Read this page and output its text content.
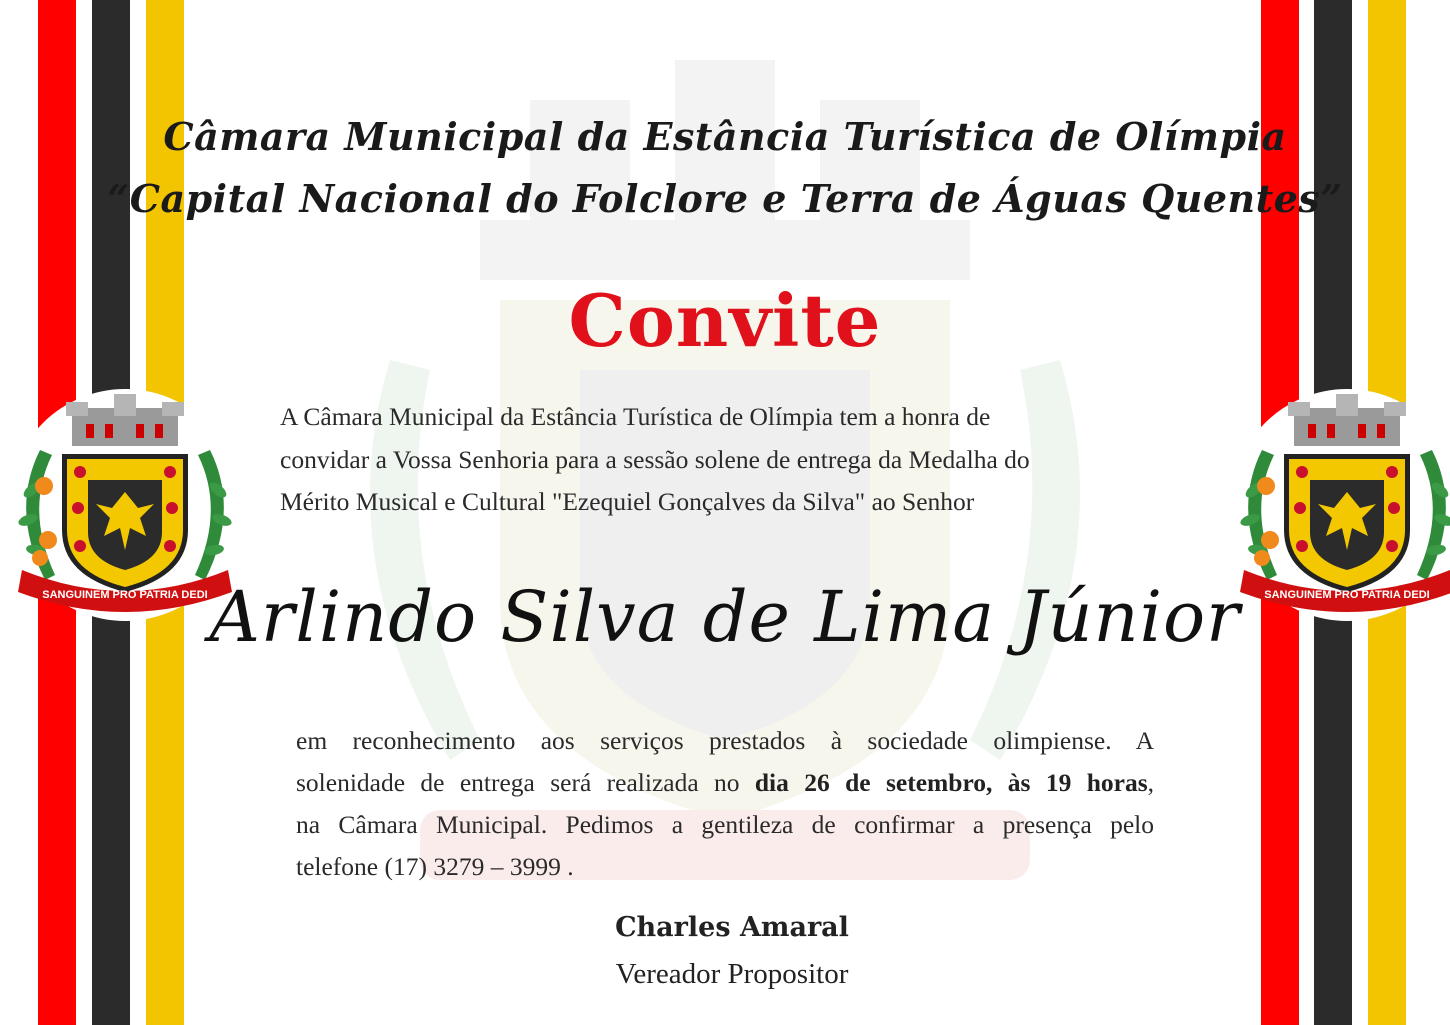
SANGUINEM PRO PATRIA DEDI	SANGUINEM PRO PATRIA DEDI
Câmara Municipal da Estância Turística de Olímpia
“Capital Nacional do Folclore e Terra de Águas Quentes”
Convite
A Câmara Municipal da Estância Turística de Olímpia tem a honra de
convidar a Vossa Senhoria para a sessão solene de entrega da Medalha do
Mérito Musical e Cultural "Ezequiel Gonçalves da Silva" ao Senhor
Arlindo Silva de Lima Júnior
em reconhecimento aos serviços prestados à sociedade olimpiense. A
solenidade de entrega será realizada no dia 26 de setembro, às 19 horas,
na Câmara Municipal. Pedimos a gentileza de confirmar a presença pelo
telefone (17) 3279 – 3999 .
Charles Amaral
Vereador Propositor
